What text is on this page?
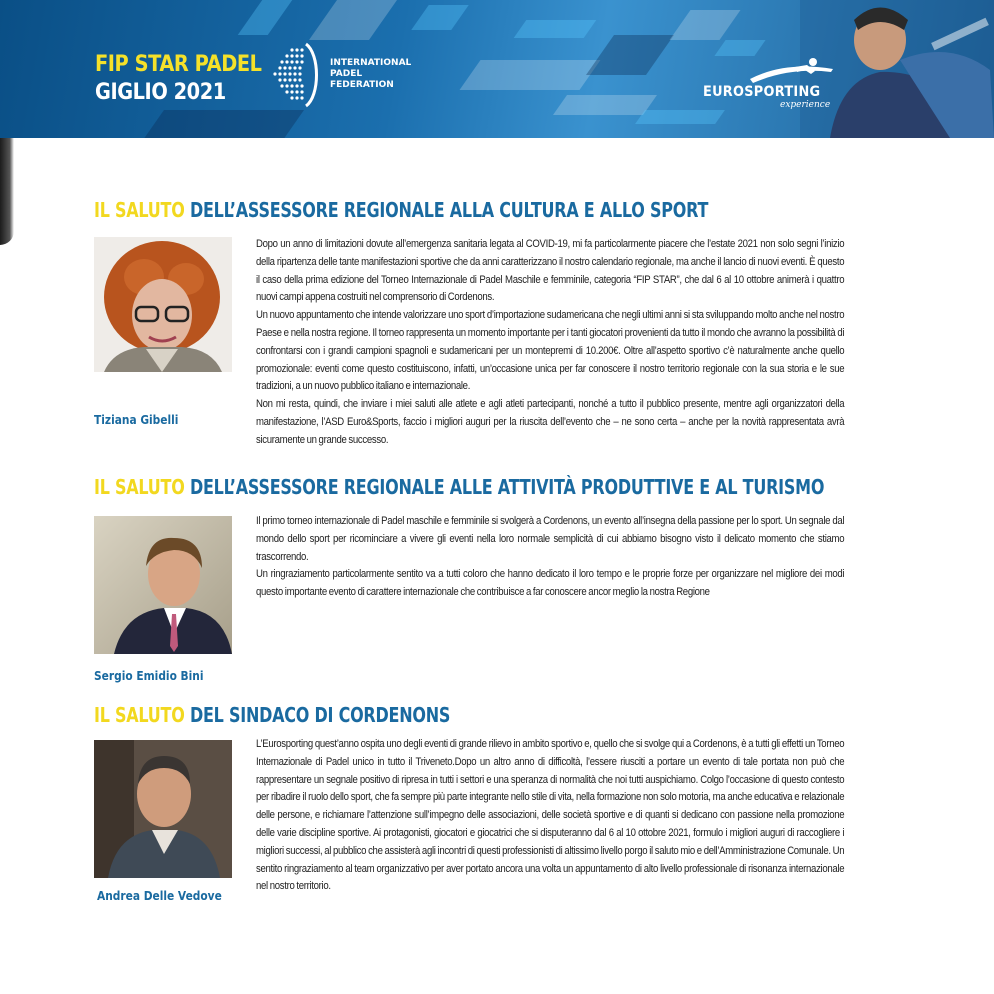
FIP STAR PADEL
GIGLIO 2021
INTERNATIONAL
PADEL
FEDERATION	EUROSPORTING
experience
IL SALUTO DELL’ASSESSORE REGIONALE ALLA CULTURA E ALLO SPORT
Tiziana Gibelli

Dopo un anno di limitazioni dovute all’emergenza sanitaria legata al COVID-19, mi fa particolarmente piacere che l’estate 2021 non solo segni l’inizio della ripartenza delle tante manifestazioni sportive che da anni caratterizzano il nostro calendario regionale, ma anche il lancio di nuovi eventi. È questo il caso della prima edizione del Torneo Internazionale di Padel Maschile e femminile, categoria “FIP STAR”, che dal 6 al 10 ottobre animerà i quattro nuovi campi appena costruiti nel comprensorio di Cordenons.

Un nuovo appuntamento che intende valorizzare uno sport d’importazione sudamericana che negli ultimi anni si sta sviluppando molto anche nel nostro Paese e nella nostra regione. Il torneo rappresenta un momento importante per i tanti giocatori provenienti da tutto il mondo che avranno la possibilità di confrontarsi con i grandi campioni spagnoli e sudamericani per un montepremi di 10.200€. Oltre all’aspetto sportivo c’è naturalmente anche quello promozionale: eventi come questo costituiscono, infatti, un’occasione unica per far conoscere il nostro territorio regionale con la sua storia e le sue tradizioni, a un nuovo pubblico italiano e internazionale.

Non mi resta, quindi, che inviare i miei saluti alle atlete e agli atleti partecipanti, nonché a tutto il pubblico presente, mentre agli organizzatori della manifestazione, l’ASD Euro&Sports, faccio i migliori auguri per la riuscita dell’evento che – ne sono certa – anche per la novità rappresentata avrà sicuramente un grande successo.

IL SALUTO DELL’ASSESSORE REGIONALE ALLE ATTIVITÀ PRODUTTIVE E AL TURISMO
Sergio Emidio Bini

Il primo torneo internazionale di Padel maschile e femminile si svolgerà a Cordenons, un evento all’insegna della passione per lo sport. Un segnale dal mondo dello sport per ricominciare a vivere gli eventi nella loro normale semplicità di cui abbiamo bisogno visto il delicato momento che stiamo trascorrendo.

Un ringraziamento particolarmente sentito va a tutti coloro che hanno dedicato il loro tempo e le proprie forze per organizzare nel migliore dei modi questo importante evento di carattere internazionale che contribuisce a far conoscere ancor meglio la nostra Regione

IL SALUTO DEL SINDACO DI CORDENONS
Andrea Delle Vedove

L’Eurosporting quest’anno ospita uno degli eventi di grande rilievo in ambito sportivo e, quello che si svolge qui a Cordenons, è a tutti gli effetti un Torneo Internazionale di Padel unico in tutto il Triveneto.Dopo un altro anno di difficoltà, l’essere riusciti a portare un evento di tale portata non può che rappresentare un segnale positivo di ripresa in tutti i settori e una speranza di normalità che noi tutti auspichiamo. Colgo l’occasione di questo contesto per ribadire il ruolo dello sport, che fa sempre più parte integrante nello stile di vita, nella formazione non solo motoria, ma anche educativa e relazionale delle persone, e richiamare l’attenzione sull’impegno delle associazioni, delle società sportive e di quanti si dedicano con passione nella promozione delle varie discipline sportive. Ai protagonisti, giocatori e giocatrici che si disputeranno dal 6 al 10 ottobre 2021, formulo i migliori auguri di raccogliere i migliori successi, al pubblico che assisterà agli incontri di questi professionisti di altissimo livello porgo il saluto mio e dell’Amministrazione Comunale. Un sentito ringraziamento al team organizzativo per aver portato ancora una volta un appuntamento di alto livello professionale di risonanza internazionale nel nostro territorio.
